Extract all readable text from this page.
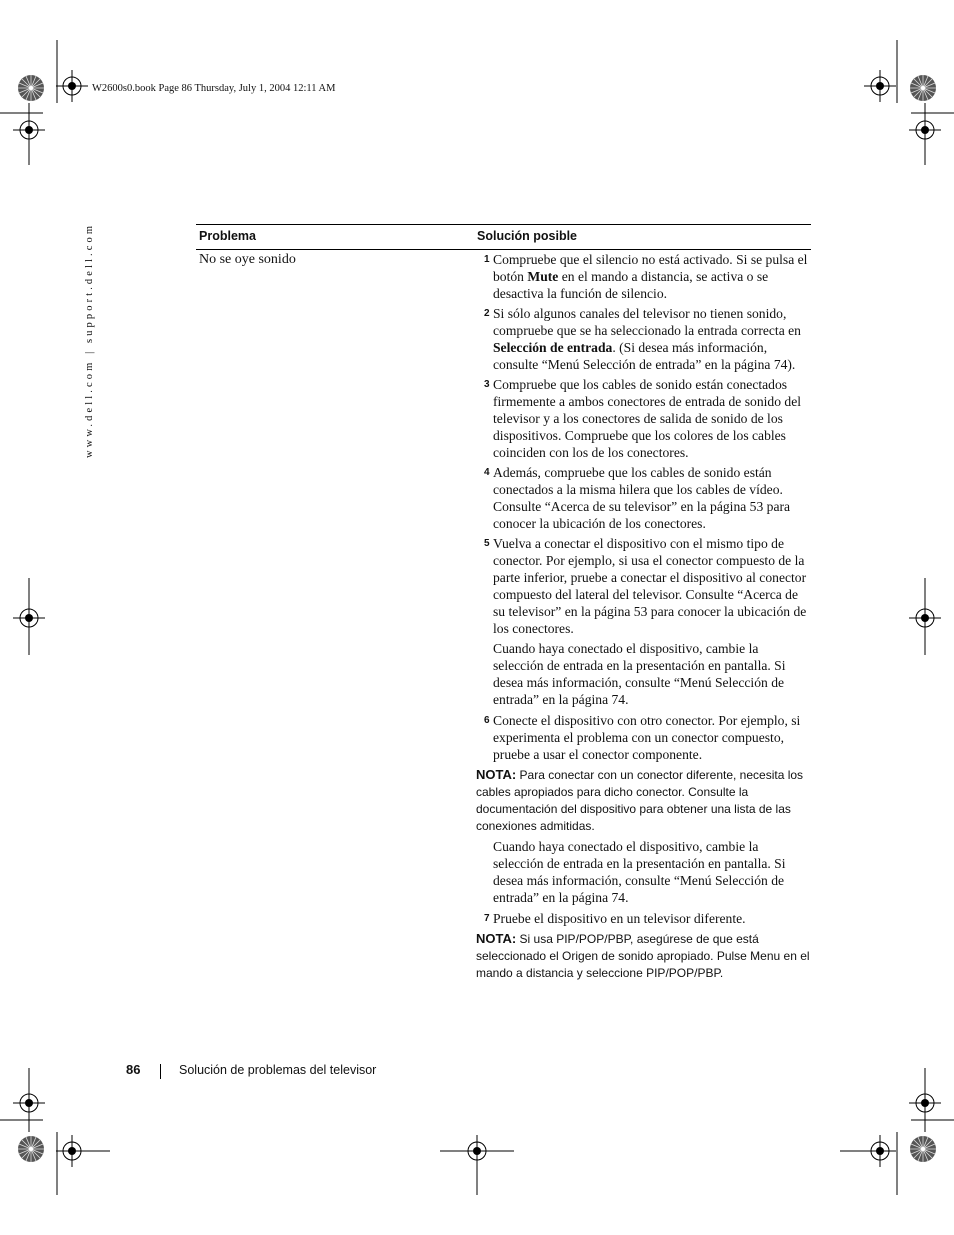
W2600s0.book Page 86 Thursday, July 1, 2004 12:11 AM
www.dell.com | support.dell.com	Problema	Solución posible
No se oye sonido	1 Compruebe que el silencio no está activado. Si se pulsa el botón Mute en el mando a distancia, se activa o se desactiva la función de silencio.
2 Si sólo algunos canales del televisor no tienen sonido, compruebe que se ha seleccionado la entrada correcta en Selección de entrada. (Si desea más información, consulte “Menú Selección de entrada” en la página 74).
3 Compruebe que los cables de sonido están conectados firmemente a ambos conectores de entrada de sonido del televisor y a los conectores de salida de sonido de los dispositivos. Compruebe que los colores de los cables coinciden con los de los conectores.
4 Además, compruebe que los cables de sonido están conectados a la misma hilera que los cables de vídeo. Consulte “Acerca de su televisor” en la página 53 para conocer la ubicación de los conectores.
5 Vuelva a conectar el dispositivo con el mismo tipo de conector. Por ejemplo, si usa el conector compuesto de la parte inferior, pruebe a conectar el dispositivo al conector compuesto del lateral del televisor. Consulte “Acerca de su televisor” en la página 53 para conocer la ubicación de los conectores.
Cuando haya conectado el dispositivo, cambie la selección de entrada en la presentación en pantalla. Si desea más información, consulte “Menú Selección de entrada” en la página 74.
6 Conecte el dispositivo con otro conector. Por ejemplo, si experimenta el problema con un conector compuesto, pruebe a usar el conector componente.
NOTA: Para conectar con un conector diferente, necesita los cables apropiados para dicho conector. Consulte la documentación del dispositivo para obtener una lista de las conexiones admitidas.
Cuando haya conectado el dispositivo, cambie la selección de entrada en la presentación en pantalla. Si desea más información, consulte “Menú Selección de entrada” en la página 74.
7 Pruebe el dispositivo en un televisor diferente.
NOTA: Si usa PIP/POP/PBP, asegúrese de que está seleccionado el Origen de sonido apropiado. Pulse Menu en el mando a distancia y seleccione PIP/POP/PBP.
86	Solución de problemas del televisor
